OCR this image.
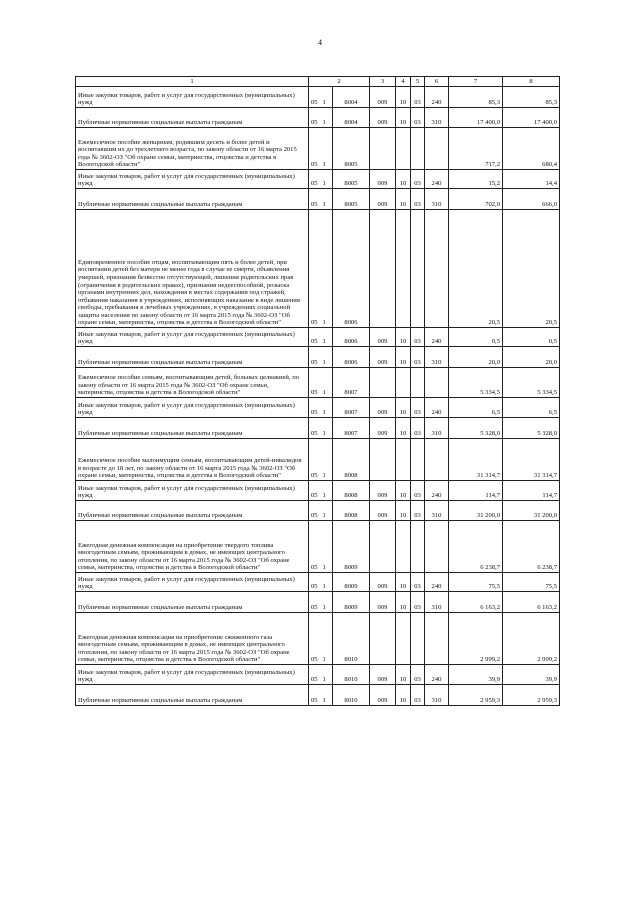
4
1	2			3	4	5	6	7	8
Иные закупки товаров, работ и услуг для государственных (муниципальных) нужд	05	1	8004	009	10	03	240	85,3	85,3
Публичные нормативные социальные выплаты гражданам	05	1	8004	009	10	03	310	17 400,0	17 400,0
Ежемесячное пособие женщинам, родившим десять и более детей и воспитавшим их до трехлетнего возраста, по закону области от 16 марта 2015 года № 3602-ОЗ "Об охране семьи, материнства, отцовства и детства в Вологодской области"	05	1	8005					717,2	680,4
Иные закупки товаров, работ и услуг для государственных (муниципальных) нужд	05	1	8005	009	10	03	240	15,2	14,4
Публичные нормативные социальные выплаты гражданам	05	1	8005	009	10	03	310	702,0	666,0
Единовременное пособие отцам, воспитывающим пять и более детей, при воспитании детей без матери не менее года в случае ее смерти, объявления умершей, признания безвестно отсутствующей, лишения родительских прав (ограничения в родительских правах), признания недееспособной, розыска органами внутренних дел, нахождения в местах содержания под стражей, отбывания наказания в учреждениях, исполняющих наказание в виде лишения свободы, пребывания в лечебных учреждениях, в учреждениях социальной защиты населения по закону области от 16 марта 2015 года № 3602-ОЗ "Об охране семьи, материнства, отцовства и детства в Вологодской области"	05	1	8006					20,5	20,5
Иные закупки товаров, работ и услуг для государственных (муниципальных) нужд	05	1	8006	009	10	03	240	0,5	0,5
Публичные нормативные социальные выплаты гражданам	05	1	8006	009	10	03	310	20,0	20,0
Ежемесячное пособие семьям, воспитывающим детей, больных целиакией, по закону области от 16 марта 2015 года № 3602-ОЗ "Об охране семьи, материнства, отцовства и детства в Вологодской области"	05	1	8007					5 334,5	5 334,5
Иные закупки товаров, работ и услуг для государственных (муниципальных) нужд	05	1	8007	009	10	03	240	6,5	6,5
Публичные нормативные социальные выплаты гражданам	05	1	8007	009	10	03	310	5 328,0	5 328,0
Ежемесячное пособие малоимущим семьям, воспитывающим детей-инвалидов в возрасте до 18 лет, по закону области от 16 марта 2015 года № 3602-ОЗ "Об охране семьи, материнства, отцовства и детства в Вологодской области"	05	1	8008					31 314,7	31 314,7
Иные закупки товаров, работ и услуг для государственных (муниципальных) нужд	05	1	8008	009	10	03	240	114,7	114,7
Публичные нормативные социальные выплаты гражданам	05	1	8008	009	10	03	310	31 200,0	31 200,0
Ежегодная денежная компенсация на приобретение твердого топлива многодетным семьям, проживающим в домах, не имеющих центрального отопления, по закону области от 16 марта 2015 года № 3602-ОЗ "Об охране семьи, материнства, отцовства и детства в Вологодской области"	05	1	8009					6 238,7	6 238,7
Иные закупки товаров, работ и услуг для государственных (муниципальных) нужд	05	1	8009	009	10	03	240	75,5	75,5
Публичные нормативные социальные выплаты гражданам	05	1	8009	009	10	03	310	6 163,2	6 163,2
Ежегодная денежная компенсация на приобретение сжиженного газа многодетным семьям, проживающим в домах, не имеющих центрального отопления, по закону области от 16 марта 2015 года № 3602-ОЗ "Об охране семьи, материнства, отцовства и детства в Вологодской области"	05	1	8010					2 999,2	2 999,2
Иные закупки товаров, работ и услуг для государственных (муниципальных) нужд	05	1	8010	009	10	03	240	39,9	39,9
Публичные нормативные социальные выплаты гражданам	05	1	8010	009	10	03	310	2 959,3	2 959,3
